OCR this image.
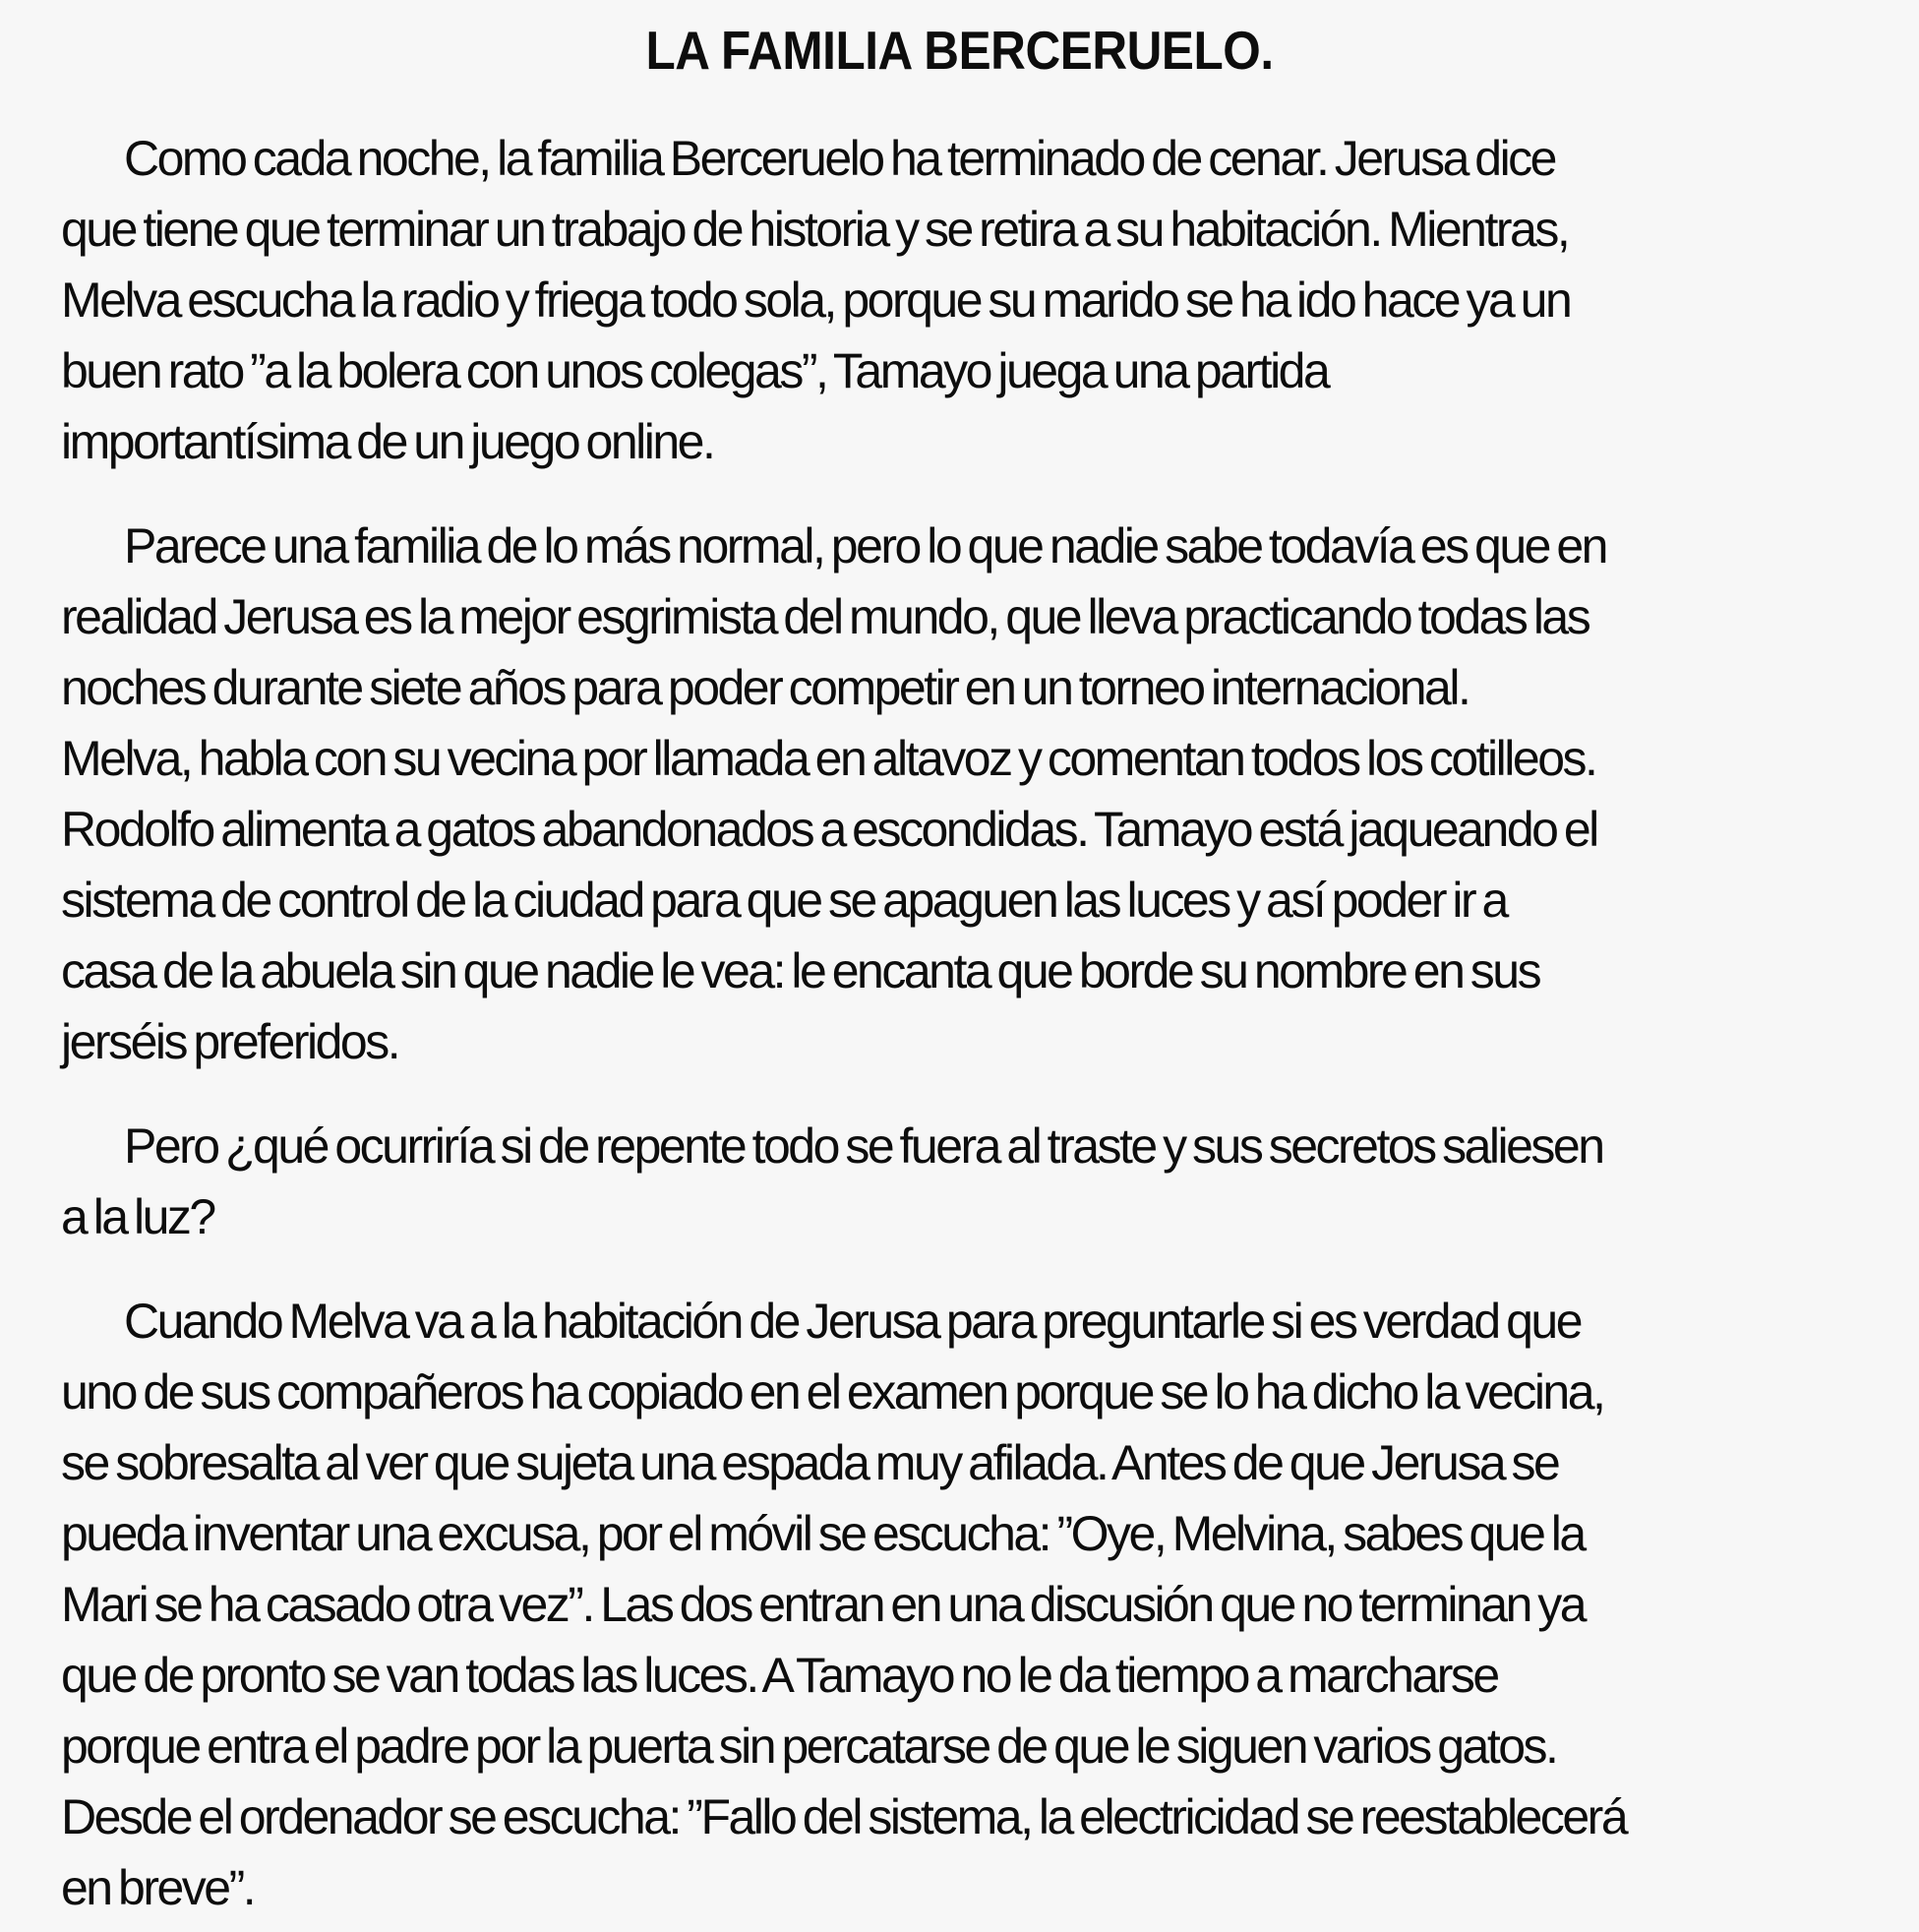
LA FAMILIA BERCERUELO.
Como cada noche, la familia Berceruelo ha terminado de cenar. Jerusa dice
que tiene que terminar un trabajo de historia y se retira a su habitación. Mientras,
Melva escucha la radio y friega todo sola, porque su marido se ha ido hace ya un
buen rato ”a la bolera con unos colegas”, Tamayo juega una partida
importantísima de un juego online.
Parece una familia de lo más normal, pero lo que nadie sabe todavía es que en
realidad Jerusa es la mejor esgrimista del mundo, que lleva practicando todas las
noches durante siete años para poder competir en un torneo internacional.
Melva, habla con su vecina por llamada en altavoz y comentan todos los cotilleos.
Rodolfo alimenta a gatos abandonados a escondidas. Tamayo está jaqueando el
sistema de control de la ciudad para que se apaguen las luces y así poder ir a
casa de la abuela sin que nadie le vea: le encanta que borde su nombre en sus
jerséis preferidos.
Pero ¿qué ocurriría si de repente todo se fuera al traste y sus secretos saliesen
a la luz?
Cuando Melva va a la habitación de Jerusa para preguntarle si es verdad que
uno de sus compañeros ha copiado en el examen porque se lo ha dicho la vecina,
se sobresalta al ver que sujeta una espada muy afilada. Antes de que Jerusa se
pueda inventar una excusa, por el móvil se escucha: ”Oye, Melvina, sabes que la
Mari se ha casado otra vez”. Las dos entran en una discusión que no terminan ya
que de pronto se van todas las luces. A Tamayo no le da tiempo a marcharse
porque entra el padre por la puerta sin percatarse de que le siguen varios gatos.
Desde el ordenador se escucha: ”Fallo del sistema, la electricidad se reestablecerá
en breve”.
